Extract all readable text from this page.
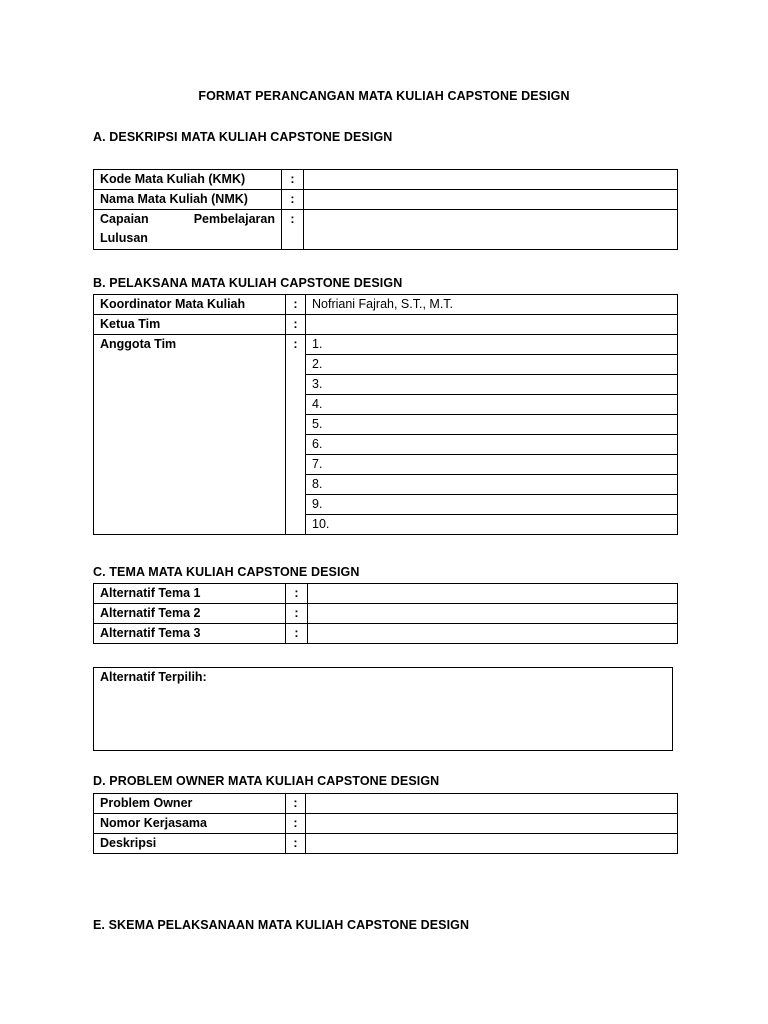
FORMAT PERANCANGAN MATA KULIAH CAPSTONE DESIGN
A. DESKRIPSI MATA KULIAH CAPSTONE DESIGN
Kode Mata Kuliah (KMK)	:	
Nama Mata Kuliah (NMK)	:	

Capaian Pembelajaran
Lulusan	:	
B. PELAKSANA MATA KULIAH CAPSTONE DESIGN
Koordinator Mata Kuliah	:	Nofriani Fajrah, S.T., M.T.
Ketua Tim	:	
Anggota Tim	:	1.
		2.
		3.
		4.
		5.
		6.
		7.
		8.
		9.
		10.
C. TEMA MATA KULIAH CAPSTONE DESIGN
Alternatif Tema 1	:	
Alternatif Tema 2	:	
Alternatif Tema 3	:	
Alternatif Terpilih:
D. PROBLEM OWNER MATA KULIAH CAPSTONE DESIGN
Problem Owner	:	
Nomor Kerjasama	:	
Deskripsi	:	
E. SKEMA PELAKSANAAN MATA KULIAH CAPSTONE DESIGN
